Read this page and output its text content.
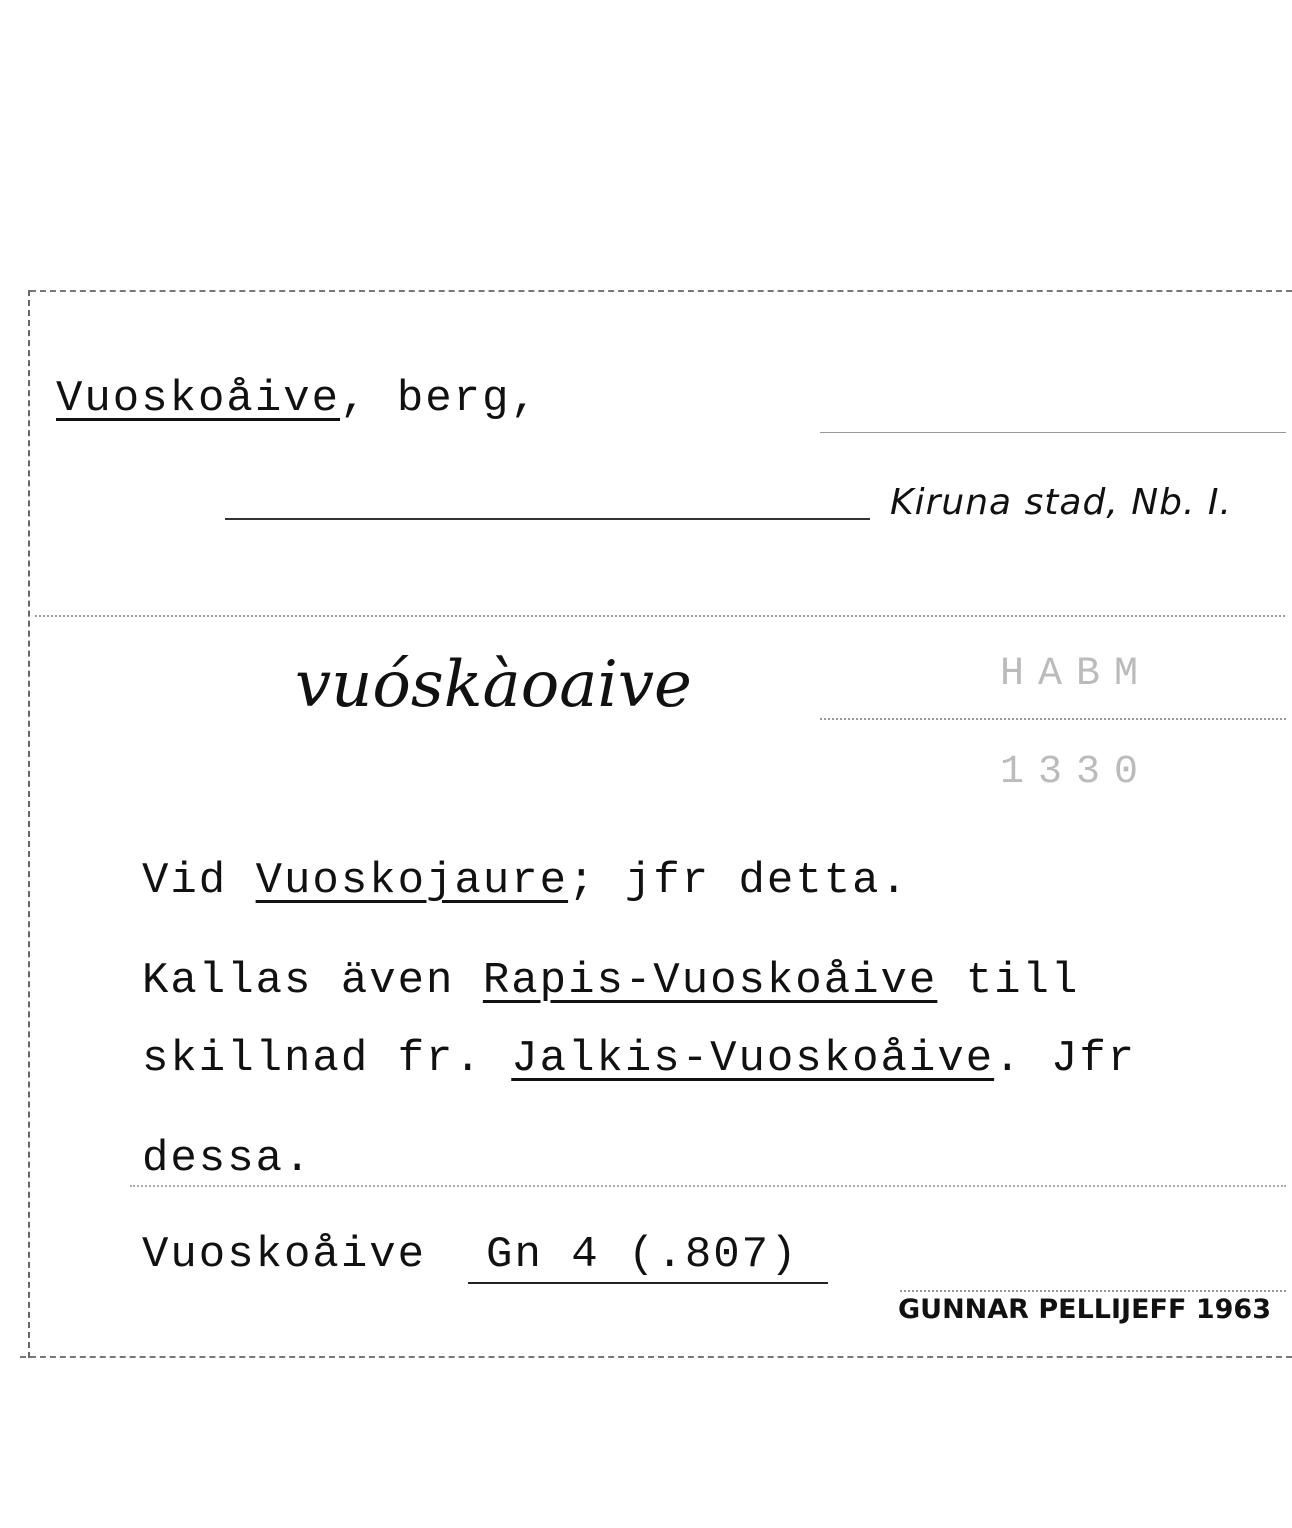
Vuoskoåive, berg,
Kiruna stad, Nb. I.
vuóskàoaive	HABM
1330
Vid Vuoskojaure; jfr detta.
Kallas även Rapis-Vuoskoåive till
skillnad fr. Jalkis-Vuoskoåive. Jfr
dessa.
Vuoskoåive Gn 4 (.807)
GUNNAR PELLIJEFF 1963
